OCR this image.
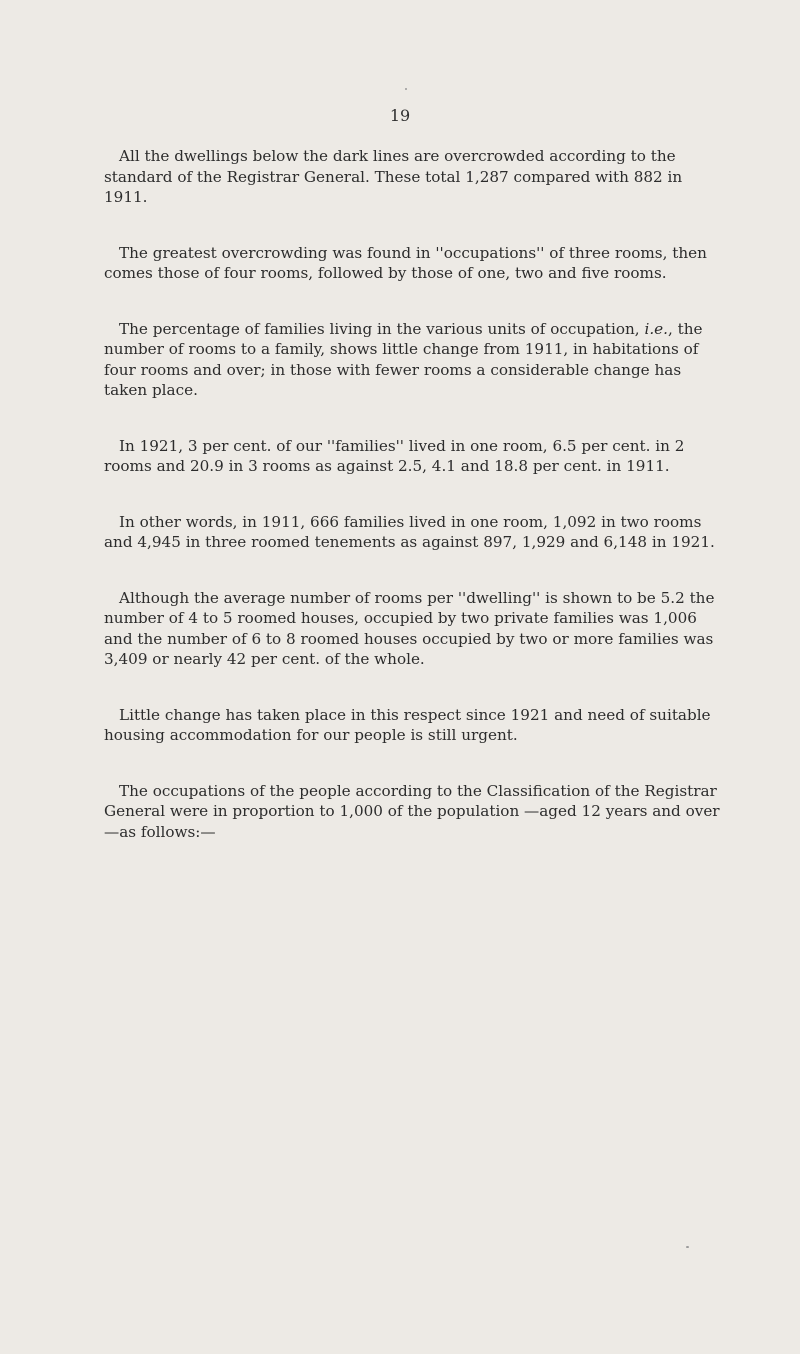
19

All the dwellings below the dark lines are overcrowded according to the standard of the Registrar General. These total 1,287 compared with 882 in 1911.

The greatest overcrowding was found in ''occupations'' of three rooms, then comes those of four rooms, followed by those of one, two and five rooms.

The percentage of families living in the various units of occupation, i.e., the number of rooms to a family, shows little change from 1911, in habitations of four rooms and over; in those with fewer rooms a considerable change has taken place.

In 1921, 3 per cent. of our ''families'' lived in one room, 6.5 per cent. in 2 rooms and 20.9 in 3 rooms as against 2.5, 4.1 and 18.8 per cent. in 1911.

In other words, in 1911, 666 families lived in one room, 1,092 in two rooms and 4,945 in three roomed tenements as against 897, 1,929 and 6,148 in 1921.

Although the average number of rooms per ''dwelling'' is shown to be 5.2 the number of 4 to 5 roomed houses, occupied by two private families was 1,006 and the number of 6 to 8 roomed houses occupied by two or more families was 3,409 or nearly 42 per cent. of the whole.

Little change has taken place in this respect since 1921 and need of suitable housing accommodation for our people is still urgent.

The occupations of the people according to the Classification of the Registrar General were in proportion to 1,000 of the population —aged 12 years and over—as follows:—
